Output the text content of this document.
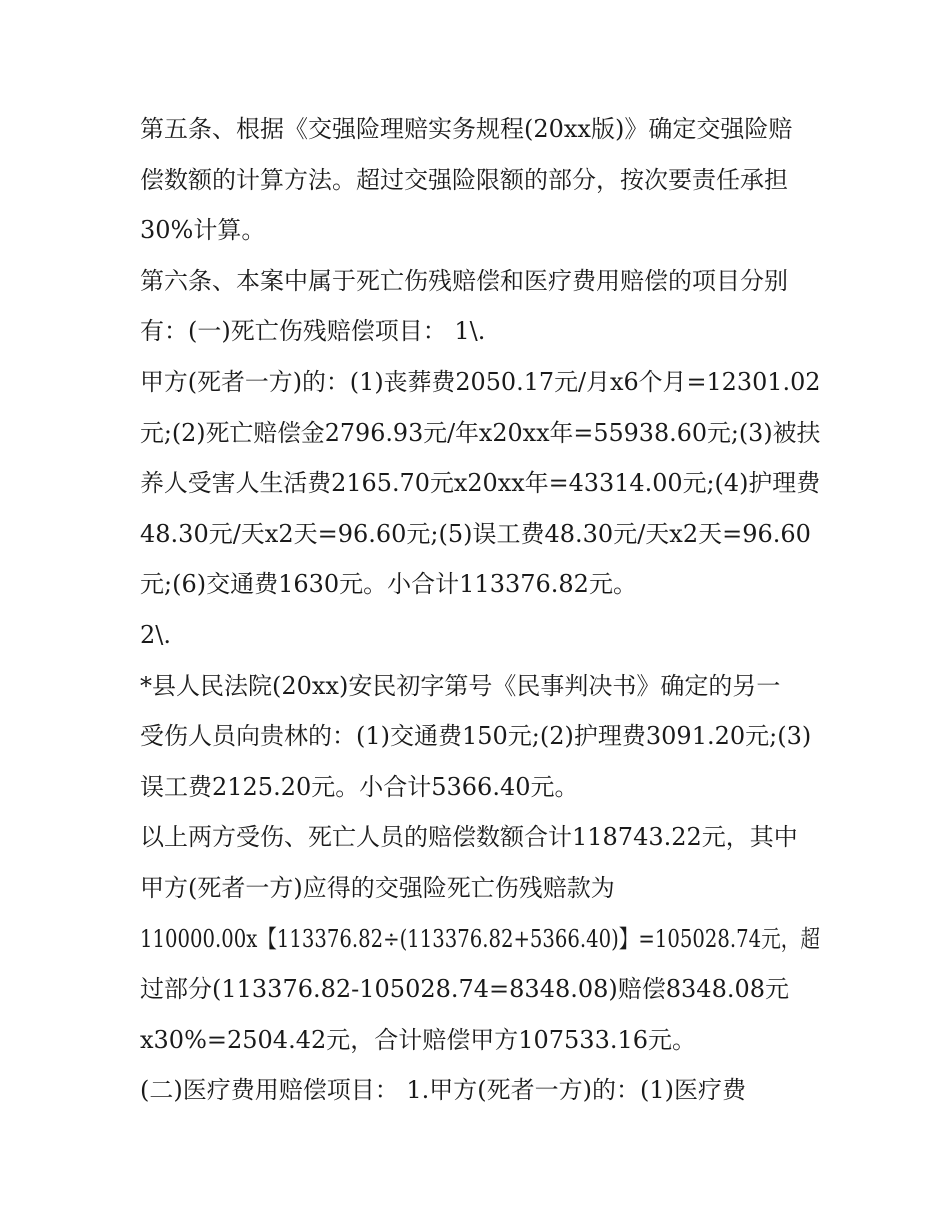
第五条、根据《交强险理赔实务规程(20xx版)》确定交强险赔
偿数额的计算方法。超过交强险限额的部分，按次要责任承担
30%计算。
第六条、本案中属于死亡伤残赔偿和医疗费用赔偿的项目分别
有：(一)死亡伤残赔偿项目： 1\.
甲方(死者一方)的：(1)丧葬费2050.17元/月x6个月=12301.02
元;(2)死亡赔偿金2796.93元/年x20xx年=55938.60元;(3)被扶
养人受害人生活费2165.70元x20xx年=43314.00元;(4)护理费
48.30元/天x2天=96.60元;(5)误工费48.30元/天x2天=96.60
元;(6)交通费1630元。小合计113376.82元。
2\.
*县人民法院(20xx)安民初字第号《民事判决书》确定的另一
受伤人员向贵林的：(1)交通费150元;(2)护理费3091.20元;(3)
误工费2125.20元。小合计5366.40元。
以上两方受伤、死亡人员的赔偿数额合计118743.22元，其中
甲方(死者一方)应得的交强险死亡伤残赔款为
110000.00x【113376.82÷(113376.82+5366.40)】=105028.74元，超
过部分(113376.82-105028.74=8348.08)赔偿8348.08元
x30%=2504.42元，合计赔偿甲方107533.16元。
(二)医疗费用赔偿项目： 1.甲方(死者一方)的：(1)医疗费
